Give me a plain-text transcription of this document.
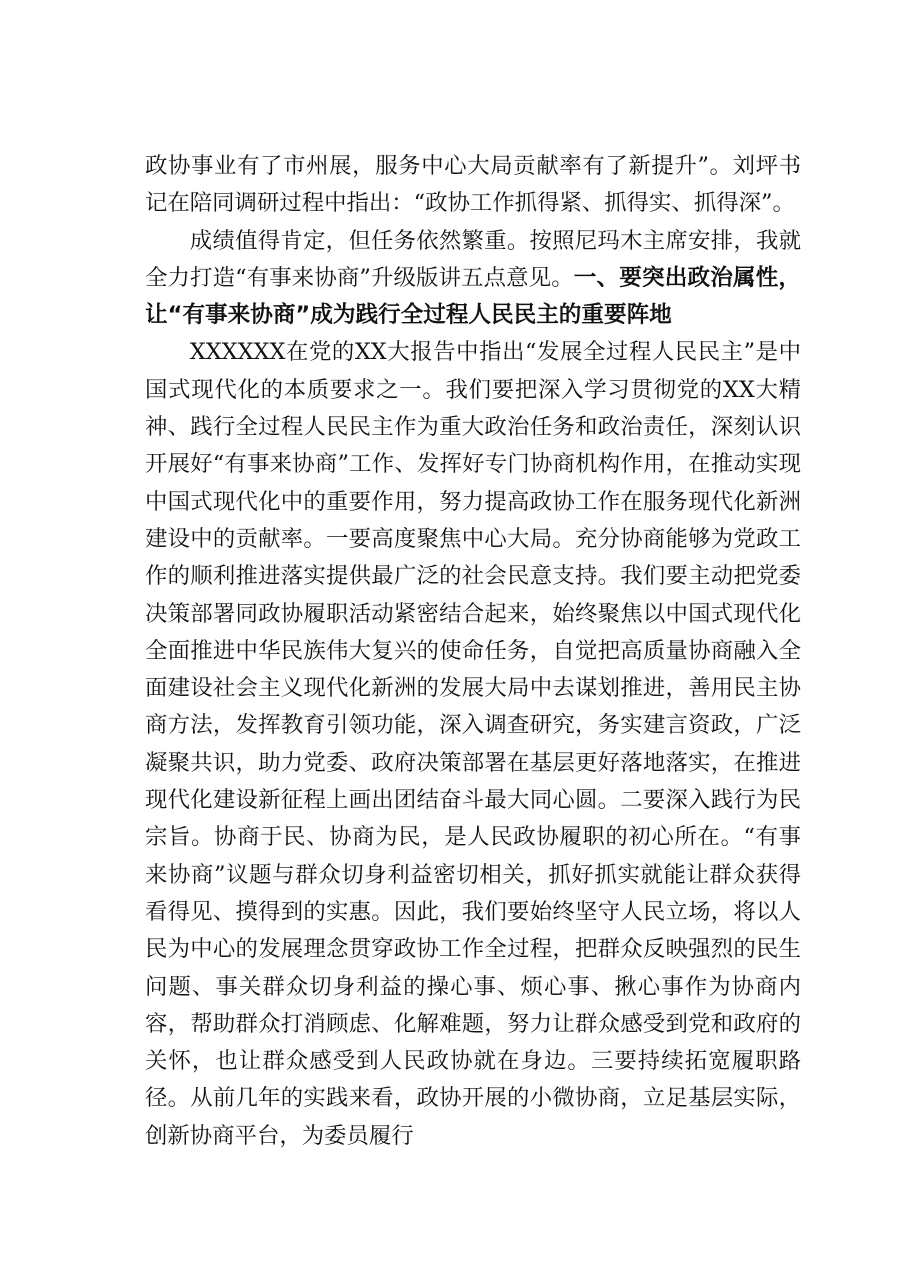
政协事业有了市州展，服务中心大局贡献率有了新提升”。刘坪书记在陪同调研过程中指出：“政协工作抓得紧、抓得实、抓得深”。

成绩值得肯定，但任务依然繁重。按照尼玛木主席安排，我就全力打造“有事来协商”升级版讲五点意见。一、要突出政治属性，让“有事来协商”成为践行全过程人民民主的重要阵地

XXXXXX在党的XX大报告中指出“发展全过程人民民主”是中国式现代化的本质要求之一。我们要把深入学习贯彻党的XX大精神、践行全过程人民民主作为重大政治任务和政治责任，深刻认识开展好“有事来协商”工作、发挥好专门协商机构作用，在推动实现中国式现代化中的重要作用，努力提高政协工作在服务现代化新洲建设中的贡献率。一要高度聚焦中心大局。充分协商能够为党政工作的顺利推进落实提供最广泛的社会民意支持。我们要主动把党委决策部署同政协履职活动紧密结合起来，始终聚焦以中国式现代化全面推进中华民族伟大复兴的使命任务，自觉把高质量协商融入全面建设社会主义现代化新洲的发展大局中去谋划推进，善用民主协商方法，发挥教育引领功能，深入调查研究，务实建言资政，广泛凝聚共识，助力党委、政府决策部署在基层更好落地落实，在推进现代化建设新征程上画出团结奋斗最大同心圆。二要深入践行为民宗旨。协商于民、协商为民，是人民政协履职的初心所在。“有事来协商”议题与群众切身利益密切相关，抓好抓实就能让群众获得看得见、摸得到的实惠。因此，我们要始终坚守人民立场，将以人民为中心的发展理念贯穿政协工作全过程，把群众反映强烈的民生问题、事关群众切身利益的操心事、烦心事、揪心事作为协商内容，帮助群众打消顾虑、化解难题，努力让群众感受到党和政府的关怀，也让群众感受到人民政协就在身边。三要持续拓宽履职路径。从前几年的实践来看，政协开展的小微协商，立足基层实际，创新协商平台，为委员履行
